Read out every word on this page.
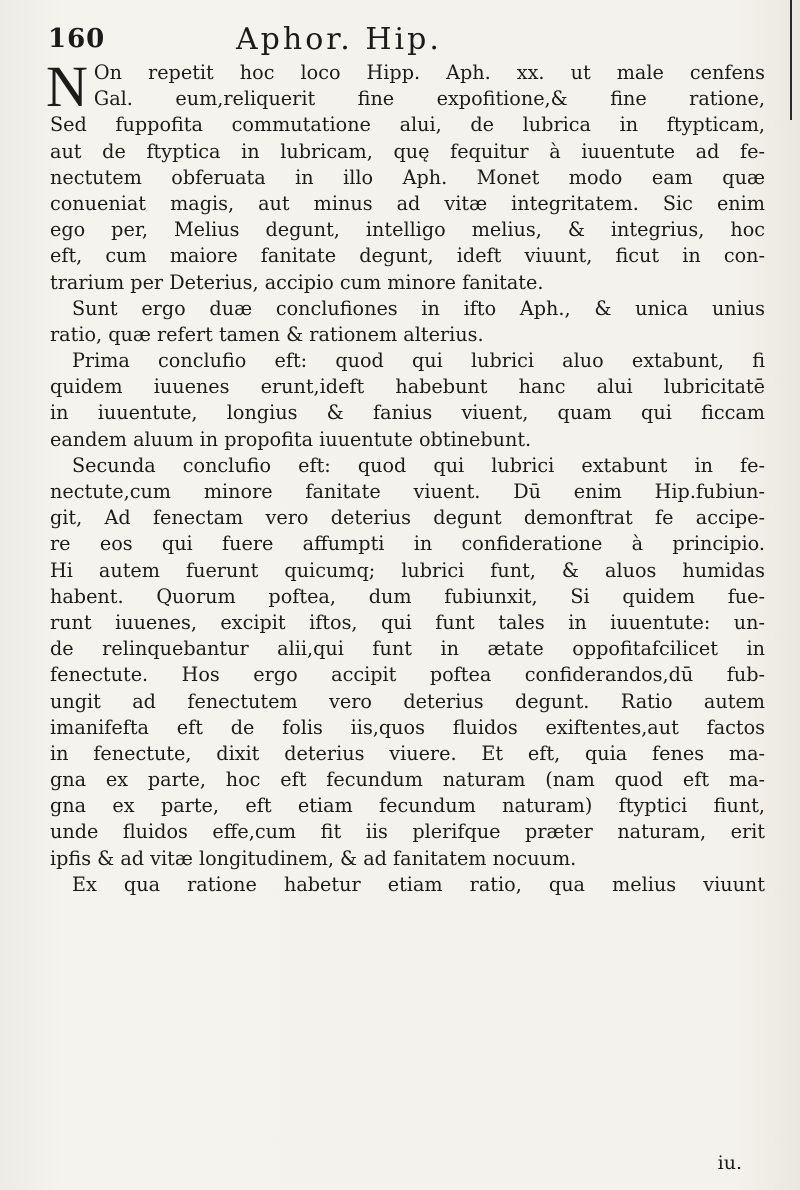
160	Aphor. Hip.
N On repetit hoc loco Hipp. Aph. xx. ut male cenfens
Gal. eum,reliquerit fine expofitione,& fine ratione,
Sed fuppofita commutatione alui, de lubrica in ftypticam,
aut de ftyptica in lubricam, quę fequitur à iuuentute ad fe-
nectutem obferuata in illo Aph. Monet modo eam quæ
conueniat magis, aut minus ad vitæ integritatem. Sic enim
ego per, Melius degunt, intelligo melius, & integrius, hoc
eft, cum maiore fanitate degunt, ideft viuunt, ficut in con-
trarium per Deterius, accipio cum minore fanitate.
Sunt ergo duæ conclufiones in ifto Aph., & unica unius
ratio, quæ refert tamen & rationem alterius.
Prima conclufio eft: quod qui lubrici aluo extabunt, fi
quidem iuuenes erunt,ideft habebunt hanc alui lubricitatē
in iuuentute, longius & fanius viuent, quam qui ficcam
eandem aluum in propofita iuuentute obtinebunt.
Secunda conclufio eft: quod qui lubrici extabunt in fe-
nectute,cum minore fanitate viuent. Dū enim Hip.fubiun-
git, Ad fenectam vero deterius degunt demonftrat fe accipe-
re eos qui fuere affumpti in confideratione à principio.
Hi autem fuerunt quicumq; lubrici funt, & aluos humidas
habent. Quorum poftea, dum fubiunxit, Si quidem fue-
runt iuuenes, excipit iftos, qui funt tales in iuuentute: un-
de relinquebantur alii,qui funt in ætate oppofitafcilicet in
fenectute. Hos ergo accipit poftea confiderandos,dū fub-
ungit ad fenectutem vero deterius degunt. Ratio autem
imanifefta eft de folis iis,quos fluidos exiftentes,aut factos
in fenectute, dixit deterius viuere. Et eft, quia fenes ma-
gna ex parte, hoc eft fecundum naturam (nam quod eft ma-
gna ex parte, eft etiam fecundum naturam) ftyptici fiunt,
unde fluidos effe,cum fit iis plerifque præter naturam, erit
ipfis & ad vitæ longitudinem, & ad fanitatem nocuum.
Ex qua ratione habetur etiam ratio, qua melius viuunt
iu.
